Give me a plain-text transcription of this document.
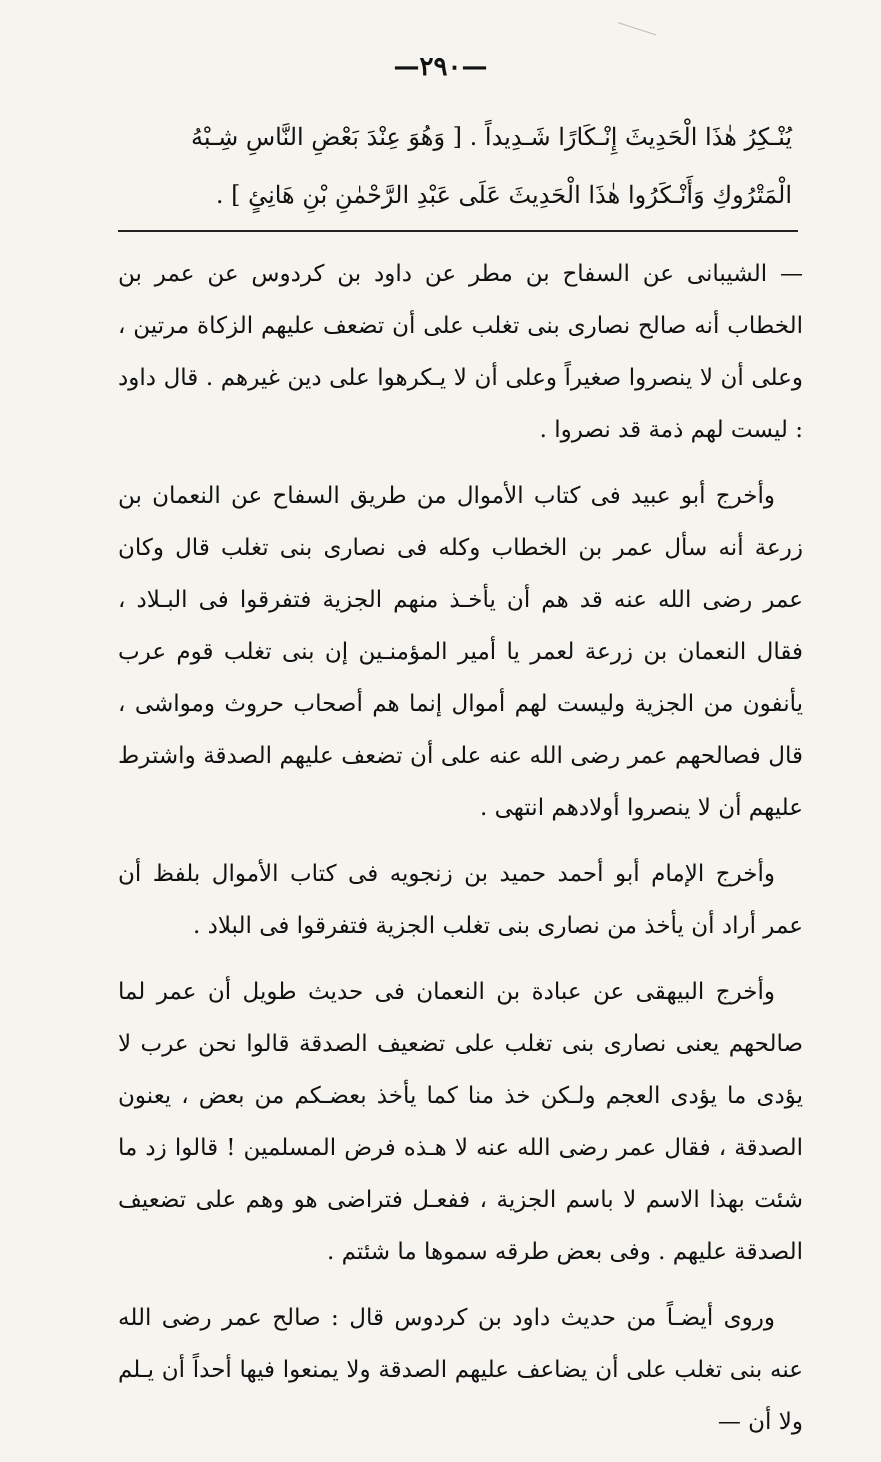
—٢٩٠—
يُنْـكِرُ هٰذَا الْحَدِيثَ إِنْـكَارًا شَـدِيداً . [ وَهُوَ عِنْدَ بَعْضِ النَّاسِ شِـبْهُ
الْمَتْرُوكِ وَأَنْـكَرُوا هٰذَا الْحَدِيثَ عَلَى عَبْدِ الرَّحْمٰنِ بْنِ هَانِئٍ ] .

— الشيبانى عن السفاح بن مطر عن داود بن كردوس عن عمر بن الخطاب أنه صالح نصارى بنى تغلب على أن تضعف عليهم الزكاة مرتين ، وعلى أن لا ينصروا صغيراً وعلى أن لا يـكرهوا على دين غيرهم . قال داود : ليست لهم ذمة قد نصروا .

وأخرج أبو عبيد فى كتاب الأموال من طريق السفاح عن النعمان بن زرعة أنه سأل عمر بن الخطاب وكله فى نصارى بنى تغلب قال وكان عمر رضى الله عنه قد هم أن يأخـذ منهم الجزية فتفرقوا فى البـلاد ، فقال النعمان بن زرعة لعمر يا أمير المؤمنـين إن بنى تغلب قوم عرب يأنفون من الجزية وليست لهم أموال إنما هم أصحاب حروث ومواشى ، قال فصالحهم عمر رضى الله عنه على أن تضعف عليهم الصدقة واشترط عليهم أن لا ينصروا أولادهم انتهى .

وأخرج الإمام أبو أحمد حميد بن زنجويه فى كتاب الأموال بلفظ أن عمر أراد أن يأخذ من نصارى بنى تغلب الجزية فتفرقوا فى البلاد .

وأخرج البيهقى عن عبادة بن النعمان فى حديث طويل أن عمر لما صالحهم يعنى نصارى بنى تغلب على تضعيف الصدقة قالوا نحن عرب لا يؤدى ما يؤدى العجم ولـكن خذ منا كما يأخذ بعضـكم من بعض ، يعنون الصدقة ، فقال عمر رضى الله عنه لا هـذه فرض المسلمين ! قالوا زد ما شئت بهذا الاسم لا باسم الجزية ، ففعـل فتراضى هو وهم على تضعيف الصدقة عليهم . وفى بعض طرقه سموها ما شئتم .

وروى أيضـاً من حديث داود بن كردوس قال : صالح عمر رضى الله عنه بنى تغلب على أن يضاعف عليهم الصدقة ولا يمنعوا فيها أحداً أن يـلم ولا أن —
